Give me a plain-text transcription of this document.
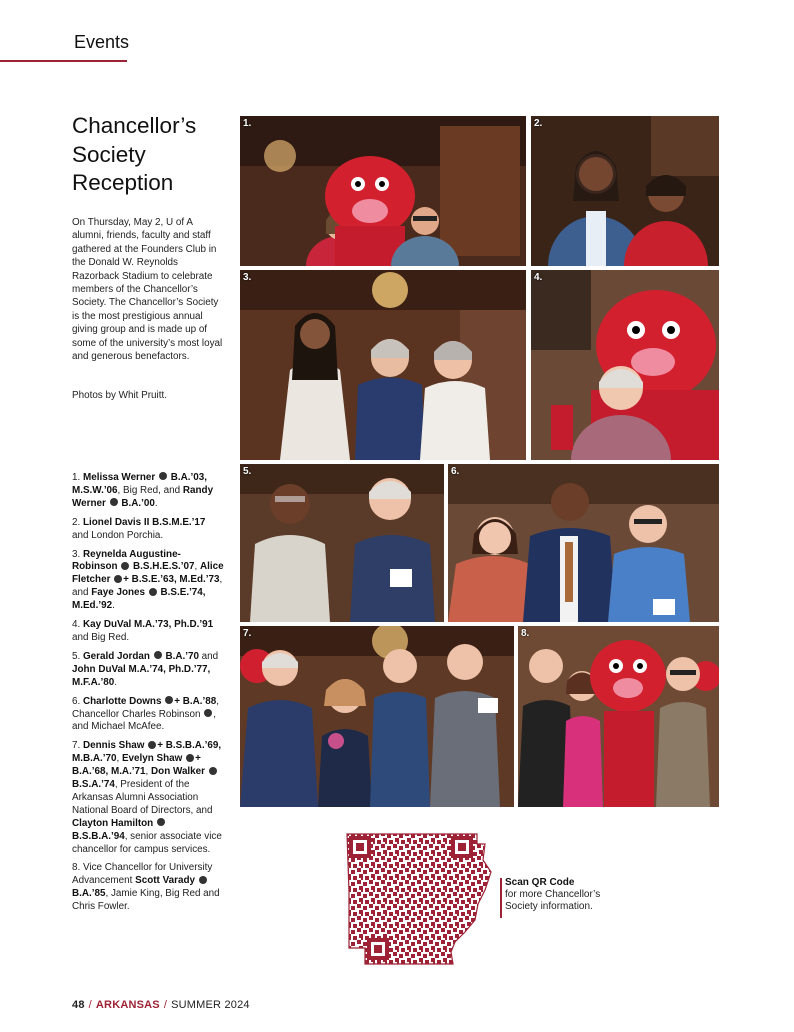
Events
Chancellor’s
Society
Reception

On Thursday, May 2, U of A alumni, friends, faculty and staff gathered at the Founders Club in the Donald W. Reynolds Razorback Stadium to celebrate members of the Chancellor’s Society. The Chancellor’s Society is the most prestigious annual giving group and is made up of some of the university’s most loyal and generous benefactors.

Photos by Whit Pruitt.

1. Melissa Werner B.A.’03, M.S.W.’06, Big Red, and Randy Werner B.A.’00.

2. Lionel Davis II B.S.M.E.’17 and London Porchia.

3. Reynelda Augustine-Robinson B.S.H.E.S.’07, Alice Fletcher + B.S.E.’63, M.Ed.’73, and Faye Jones B.S.E.’74, M.Ed.’92.

4. Kay DuVal M.A.’73, Ph.D.’91 and Big Red.

5. Gerald Jordan B.A.’70 and John DuVal M.A.’74, Ph.D.’77, M.F.A.’80.

6. Charlotte Downs + B.A.’88, Chancellor Charles Robinson , and Michael McAfee.

7. Dennis Shaw + B.S.B.A.’69, M.B.A.’70, Evelyn Shaw + B.A.’68, M.A.’71, Don Walker  B.S.A.’74, President of the Arkansas Alumni Association National Board of Directors, and Clayton Hamilton  B.S.B.A.’94, senior associate vice chancellor for campus services.

8. Vice Chancellor for University Advancement Scott Varady  B.A.’85, Jamie King, Big Red and Chris Fowler.

1.	2.
3.	4.
5.	6.
7.	8.
Scan QR Code
for more Chancellor’s Society information.
48 / ARKANSAS / SUMMER 2024
